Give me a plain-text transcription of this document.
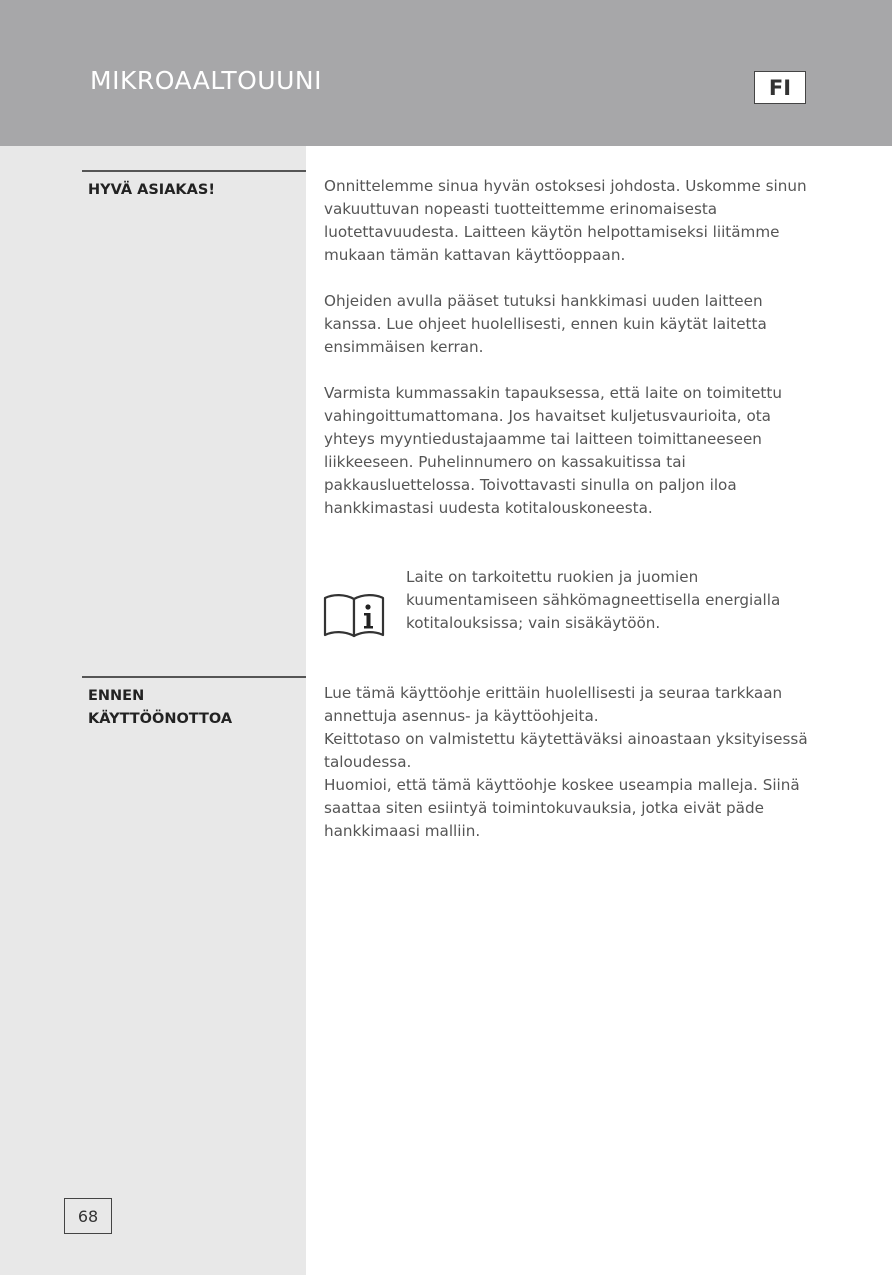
MIKROAALTOUUNI	FI
HYVÄ ASIAKAS!	Onnittelemme sinua hyvän ostoksesi johdosta. Uskomme sinun vakuuttuvan nopeasti tuotteittemme erinomaisesta luotettavuudesta. Laitteen käytön helpottamiseksi liitämme mukaan tämän kattavan käyttöoppaan.

Ohjeiden avulla pääset tutuksi hankkimasi uuden laitteen kanssa. Lue ohjeet huolellisesti, ennen kuin käytät laitetta ensimmäisen kerran.

Varmista kummassakin tapauksessa, että laite on toimitettu vahingoittumattomana. Jos havaitset kuljetusvaurioita, ota yhteys myyntiedustajaamme tai laitteen toimittaneeseen liikkeeseen. Puhelinnumero on kassakuitissa tai pakkausluettelossa. Toivottavasti sinulla on paljon iloa hankkimastasi uudesta kotitalouskoneesta.

Laite on tarkoitettu ruokien ja juomien kuumentamiseen sähkömagneettisella energialla kotitalouksissa; vain sisäkäytöön.
ENNEN
KÄYTTÖÖNOTTOA
Lue tämä käyttöohje erittäin huolellisesti ja seuraa tarkkaan annettuja asennus- ja käyttöohjeita.
Keittotaso on valmistettu käytettäväksi ainoastaan yksityisessä taloudessa.
Huomioi, että tämä käyttöohje koskee useampia malleja. Siinä saattaa siten esiintyä toimintokuvauksia, jotka eivät päde hankkimaasi malliin.
68
